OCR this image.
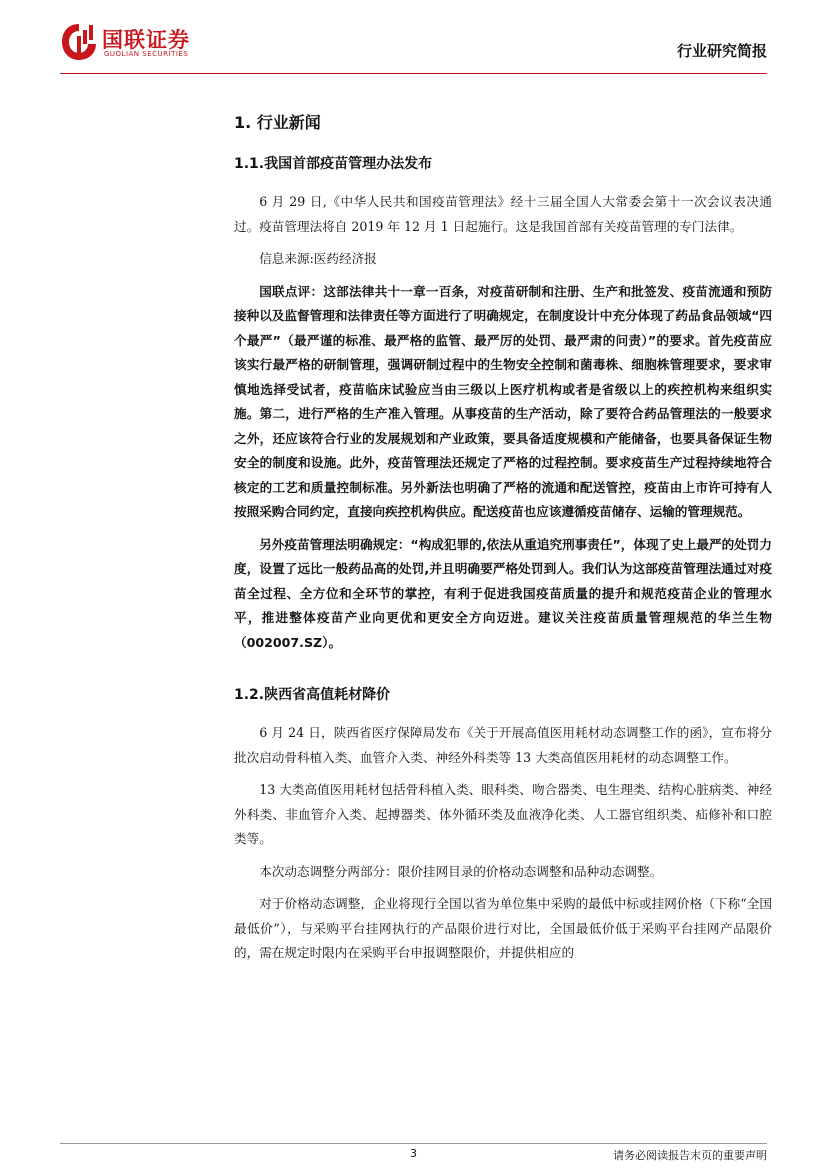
国联证券
GUOLIAN SECURITIES	行业研究简报
1. 行业新闻
1.1.我国首部疫苗管理办法发布

6 月 29 日,《中华人民共和国疫苗管理法》经十三届全国人大常委会第十一次会议表决通过。疫苗管理法将自 2019 年 12 月 1 日起施行。这是我国首部有关疫苗管理的专门法律。

信息来源:医药经济报

国联点评：这部法律共十一章一百条，对疫苗研制和注册、生产和批签发、疫苗流通和预防接种以及监督管理和法律责任等方面进行了明确规定，在制度设计中充分体现了药品食品领域“四个最严”（最严谨的标准、最严格的监管、最严厉的处罚、最严肃的问责）”的要求。首先疫苗应该实行最严格的研制管理，强调研制过程中的生物安全控制和菌毒株、细胞株管理要求，要求审慎地选择受试者，疫苗临床试验应当由三级以上医疗机构或者是省级以上的疾控机构来组织实施。第二，进行严格的生产准入管理。从事疫苗的生产活动，除了要符合药品管理法的一般要求之外，还应该符合行业的发展规划和产业政策，要具备适度规模和产能储备，也要具备保证生物安全的制度和设施。此外，疫苗管理法还规定了严格的过程控制。要求疫苗生产过程持续地符合核定的工艺和质量控制标准。另外新法也明确了严格的流通和配送管控，疫苗由上市许可持有人按照采购合同约定，直接向疾控机构供应。配送疫苗也应该遵循疫苗储存、运输的管理规范。

另外疫苗管理法明确规定：“构成犯罪的,依法从重追究刑事责任”，体现了史上最严的处罚力度，设置了远比一般药品高的处罚,并且明确要严格处罚到人。我们认为这部疫苗管理法通过对疫苗全过程、全方位和全环节的掌控，有利于促进我国疫苗质量的提升和规范疫苗企业的管理水平，推进整体疫苗产业向更优和更安全方向迈进。建议关注疫苗质量管理规范的华兰生物（002007.SZ）。

1.2.陕西省高值耗材降价

6 月 24 日，陕西省医疗保障局发布《关于开展高值医用耗材动态调整工作的函》，宣布将分批次启动骨科植入类、血管介入类、神经外科类等 13 大类高值医用耗材的动态调整工作。

13 大类高值医用耗材包括骨科植入类、眼科类、吻合器类、电生理类、结构心脏病类、神经外科类、非血管介入类、起搏器类、体外循环类及血液净化类、人工器官组织类、疝修补和口腔类等。

本次动态调整分两部分：限价挂网目录的价格动态调整和品种动态调整。

对于价格动态调整，企业将现行全国以省为单位集中采购的最低中标或挂网价格（下称“全国最低价”），与采购平台挂网执行的产品限价进行对比，全国最低价低于采购平台挂网产品限价的，需在规定时限内在采购平台申报调整限价，并提供相应的

3	请务必阅读报告末页的重要声明
